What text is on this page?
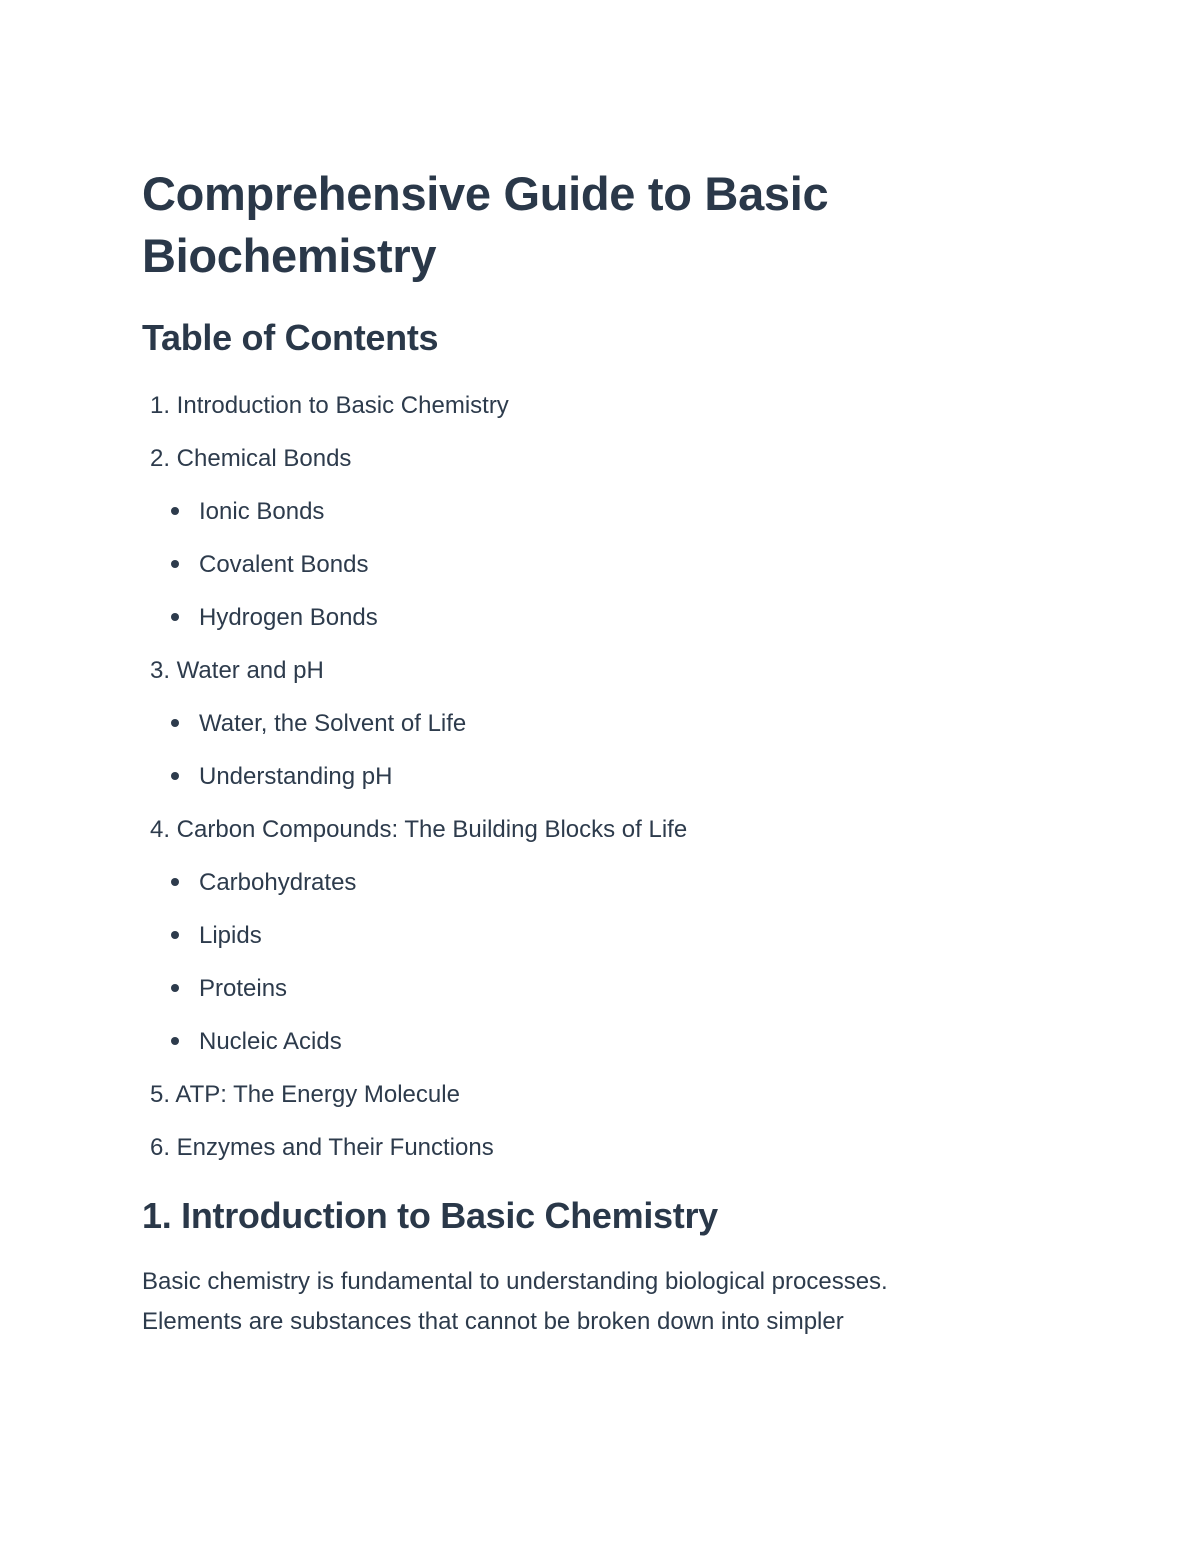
Comprehensive Guide to Basic Biochemistry
Table of Contents
1. Introduction to Basic Chemistry
2. Chemical Bonds
Ionic Bonds
Covalent Bonds
Hydrogen Bonds
3. Water and pH
Water, the Solvent of Life
Understanding pH
4. Carbon Compounds: The Building Blocks of Life
Carbohydrates
Lipids
Proteins
Nucleic Acids
5. ATP: The Energy Molecule
6. Enzymes and Their Functions
1. Introduction to Basic Chemistry

Basic chemistry is fundamental to understanding biological processes.
Elements are substances that cannot be broken down into simpler
